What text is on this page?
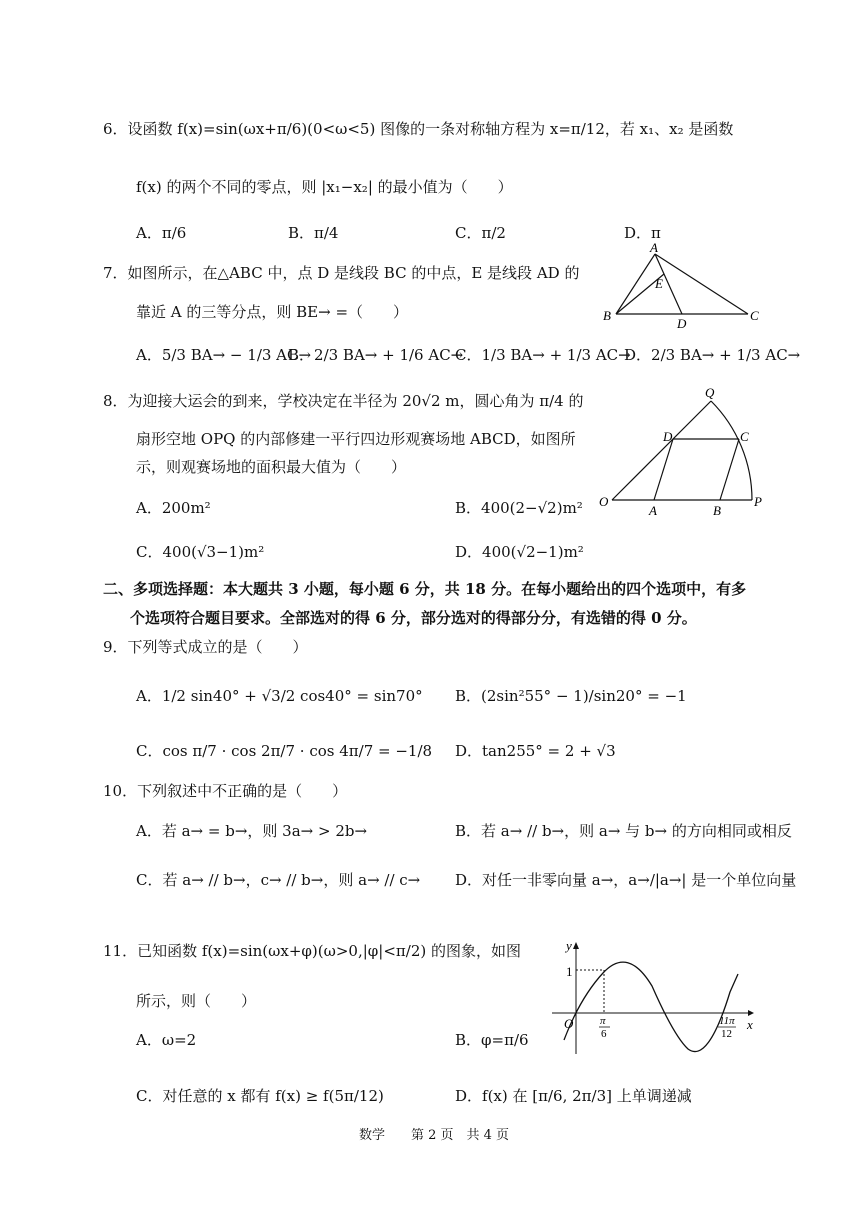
6．设函数 f(x)=sin(ωx+π/6)(0<ω<5) 图像的一条对称轴方程为 x=π/12，若 x₁、x₂ 是函数
f(x) 的两个不同的零点，则 |x₁−x₂| 的最小值为（　　）
A．π/6	B．π/4	C．π/2	D．π
7．如图所示，在△ABC 中，点 D 是线段 BC 的中点，E 是线段 AD 的
靠近 A 的三等分点，则 BE→ =（　　）
A．5/3 BA→ − 1/3 AC→
B．2/3 BA→ + 1/6 AC→
C．1/3 BA→ + 1/3 AC→
D．2/3 BA→ + 1/3 AC→
A
B	C
D
E
8．为迎接大运会的到来，学校决定在半径为 20√2 m，圆心角为 π/4 的
扇形空地 OPQ 的内部修建一平行四边形观赛场地 ABCD，如图所
示，则观赛场地的面积最大值为（　　）
A．200m²	B．400(2−√2)m²
C．400(√3−1)m²	D．400(√2−1)m²
O
A	B
P
C
D
Q
二、多项选择题：本大题共 3 小题，每小题 6 分，共 18 分。在每小题给出的四个选项中，有多
个选项符合题目要求。全部选对的得 6 分，部分选对的得部分分，有选错的得 0 分。
9．下列等式成立的是（　　）
A．1/2 sin40° + √3/2 cos40° = sin70° B．(2sin²55° − 1)/sin20° = −1
C．cos π/7 · cos 2π/7 · cos 4π/7 = −1/8 D．tan255° = 2 + √3
10．下列叙述中不正确的是（　　）
A．若 a→ = b→，则 3a→ > 2b→	B．若 a→ // b→，则 a→ 与 b→ 的方向相同或相反
C．若 a→ // b→，c→ // b→，则 a→ // c→ D．对任一非零向量 a→，a→/|a→| 是一个单位向量
11．已知函数 f(x)=sin(ωx+φ)(ω>0,|φ|<π/2) 的图象，如图
所示，则（　　）
A．ω=2	B．φ=π/6
C．对任意的 x 都有 f(x) ≥ f(5π/12)	D．f(x) 在 [π/6, 2π/3] 上单调递减
y
x
1
O π
6
11π
12
数学　　第 2 页　共 4 页
